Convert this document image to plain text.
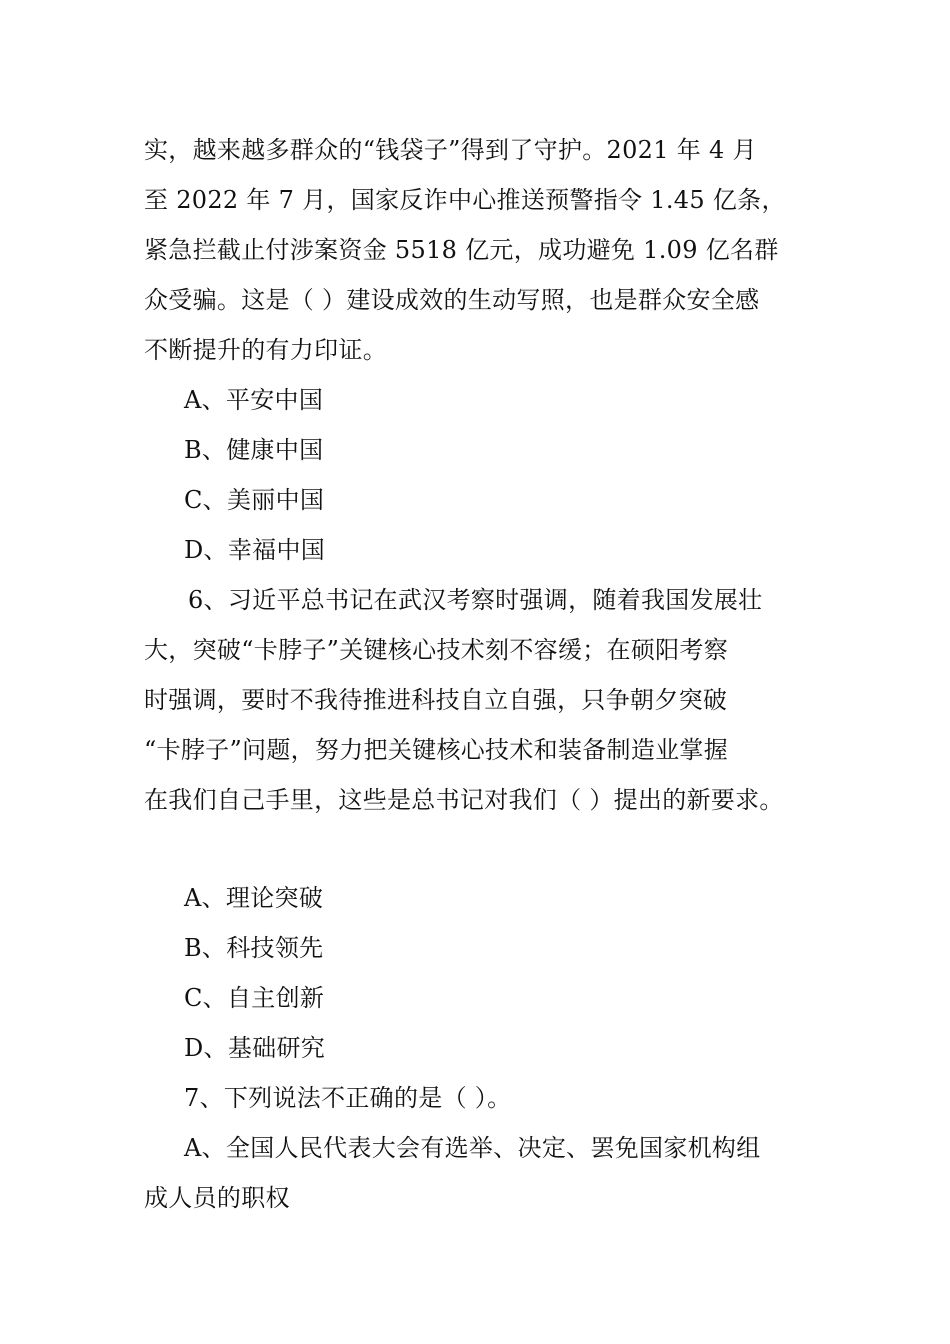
实，越来越多群众的“钱袋子”得到了守护。2021 年 4 月
至 2022 年 7 月，国家反诈中心推送预警指令 1.45 亿条，
紧急拦截止付涉案资金 5518 亿元，成功避免 1.09 亿名群
众受骗。这是（ ）建设成效的生动写照，也是群众安全感
不断提升的有力印证。
A、平安中国
B、健康中国
C、美丽中国
D、幸福中国
6、习近平总书记在武汉考察时强调，随着我国发展壮
大，突破“卡脖子”关键核心技术刻不容缓；在硕阳考察
时强调，要时不我待推进科技自立自强，只争朝夕突破
“卡脖子”问题，努力把关键核心技术和装备制造业掌握
在我们自己手里，这些是总书记对我们（ ）提出的新要求。
A、理论突破
B、科技领先
C、自主创新
D、基础研究
7、下列说法不正确的是（ ）。
A、全国人民代表大会有选举、决定、罢免国家机构组
成人员的职权
